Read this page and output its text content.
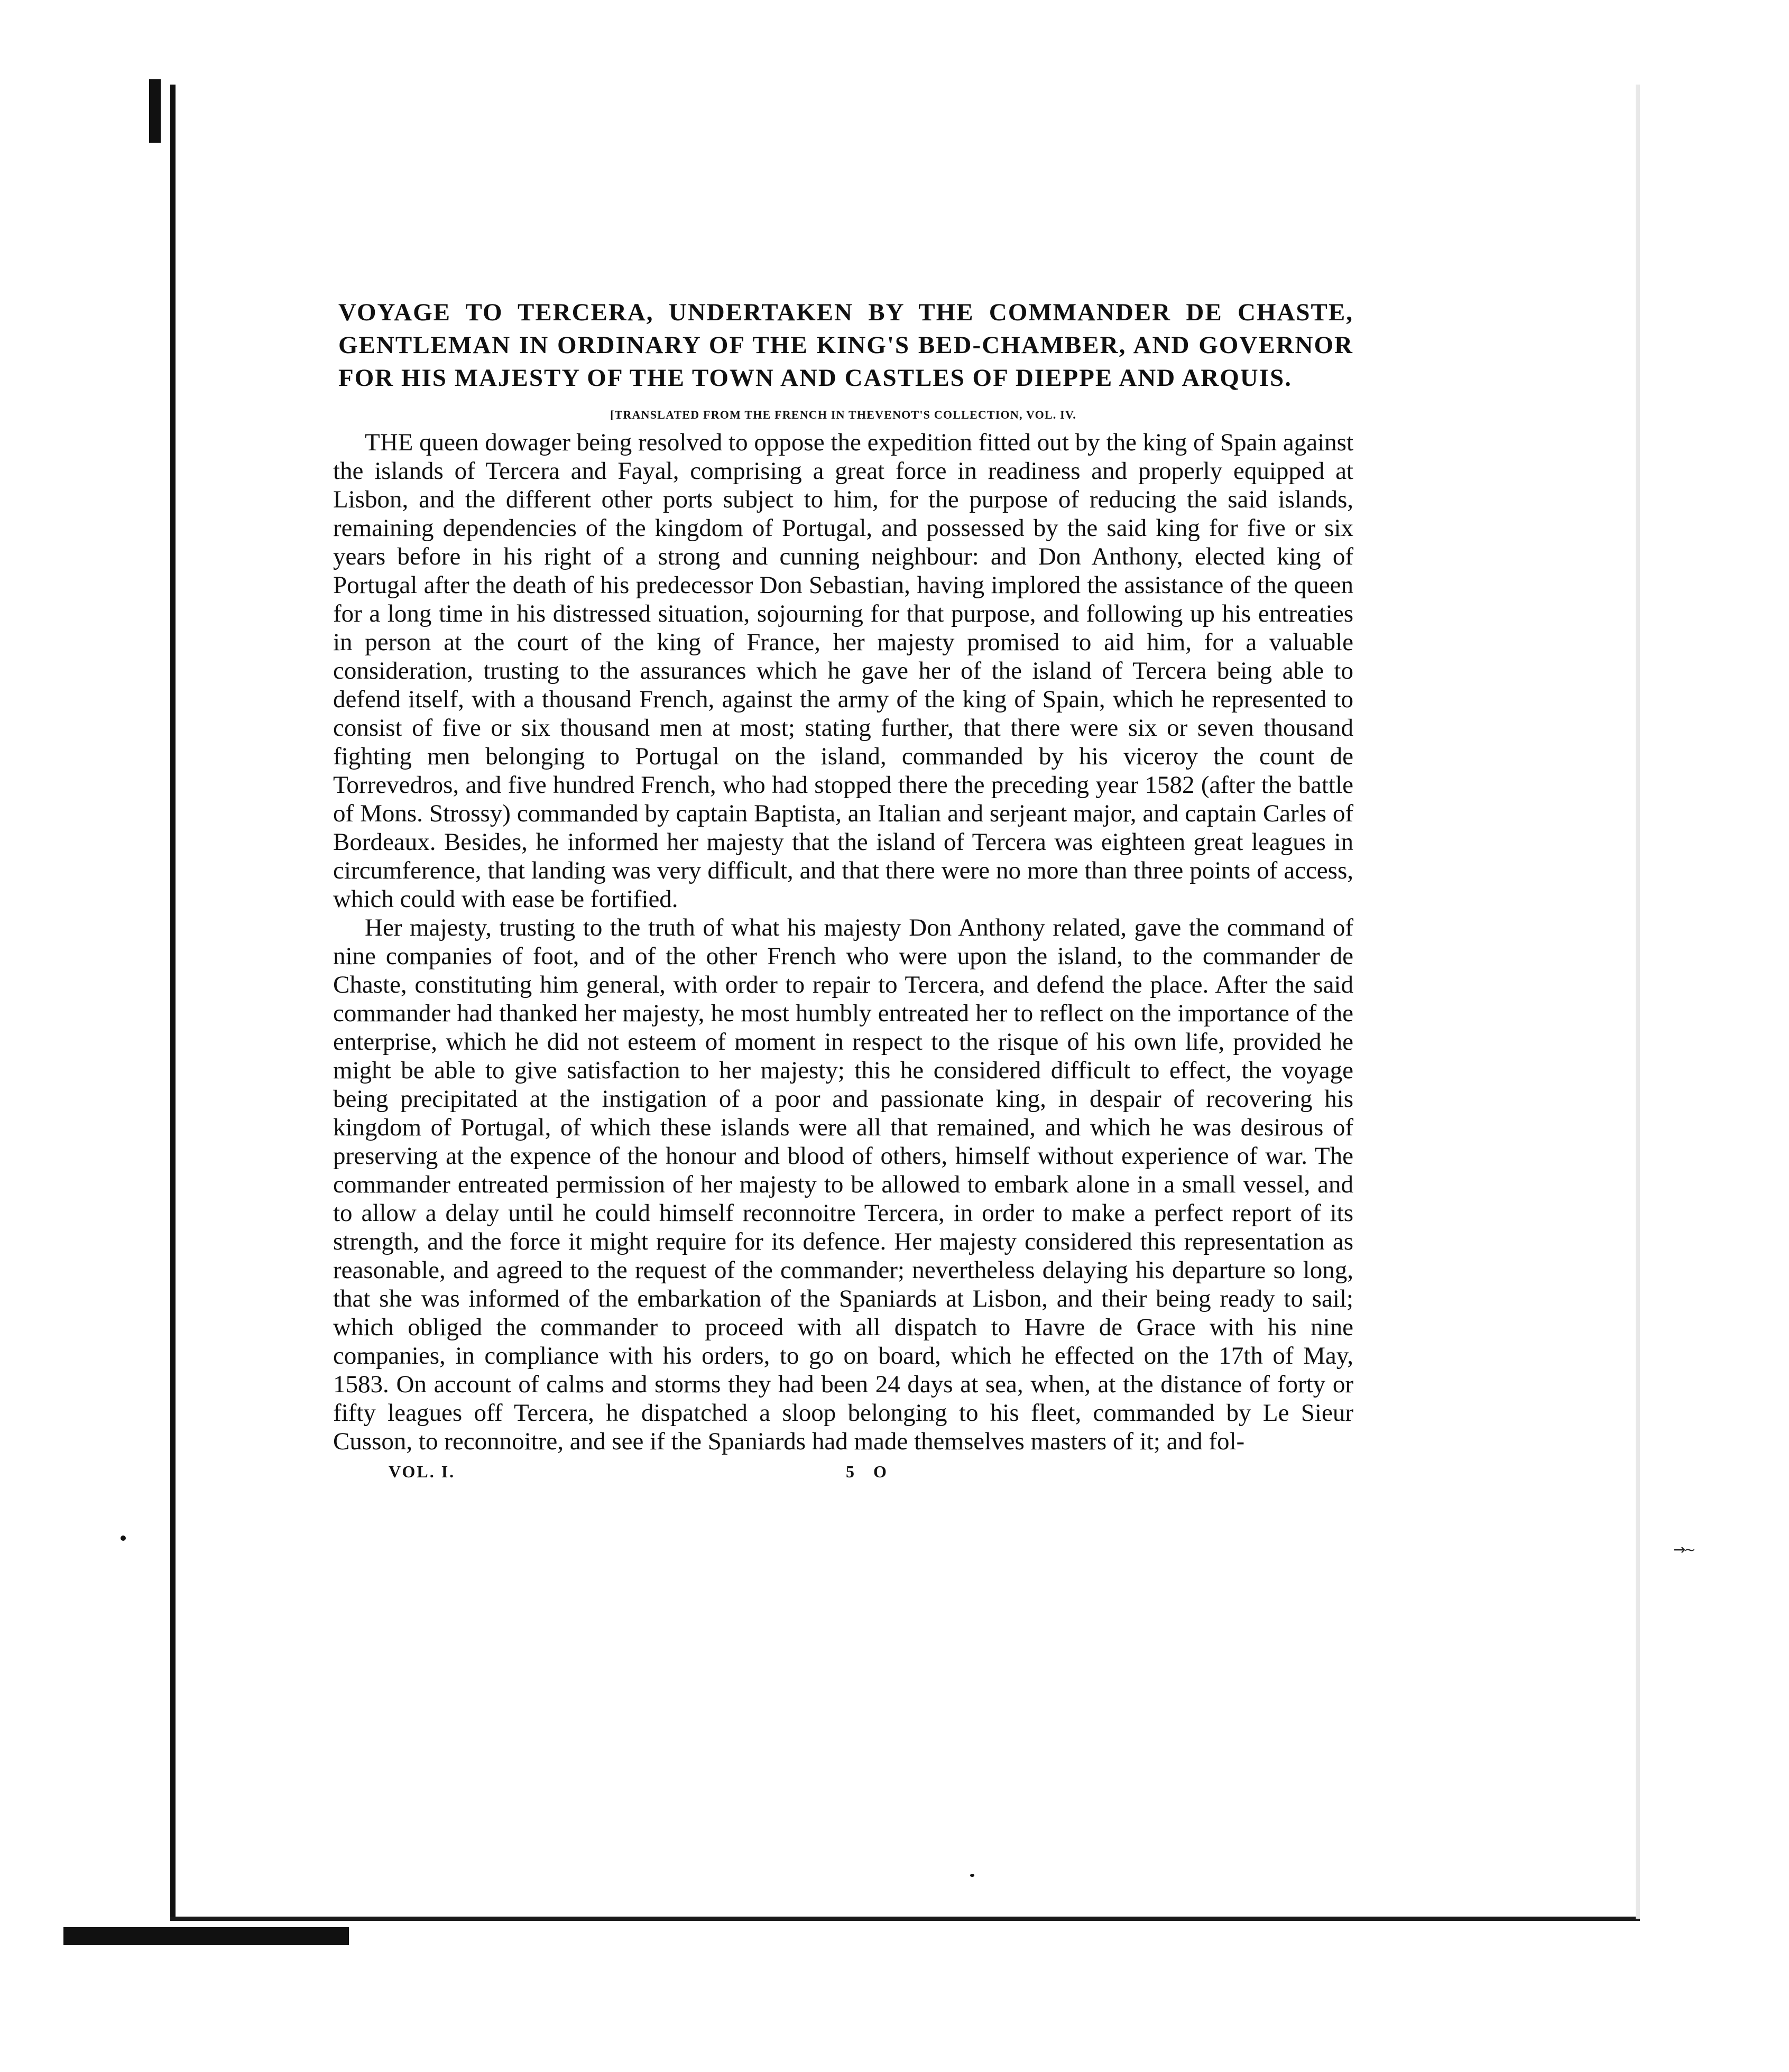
→~
VOYAGE TO TERCERA, UNDERTAKEN BY THE COMMANDER DE CHASTE, GENTLEMAN IN ORDINARY OF THE KING'S BED-CHAMBER, AND GOVERNOR FOR HIS MAJESTY OF THE TOWN AND CASTLES OF DIEPPE AND ARQUIS.
[TRANSLATED FROM THE FRENCH IN THEVENOT'S COLLECTION, VOL. IV.

THE queen dowager being resolved to oppose the expedition fitted out by the king of Spain against the islands of Tercera and Fayal, comprising a great force in readiness and properly equipped at Lisbon, and the different other ports subject to him, for the purpose of reducing the said islands, remaining dependencies of the kingdom of Portugal, and possessed by the said king for five or six years before in his right of a strong and cunning neighbour: and Don Anthony, elected king of Portugal after the death of his predecessor Don Sebastian, having implored the assistance of the queen for a long time in his distressed situation, sojourning for that purpose, and following up his entreaties in person at the court of the king of France, her majesty promised to aid him, for a valuable consideration, trusting to the assurances which he gave her of the island of Tercera being able to defend itself, with a thousand French, against the army of the king of Spain, which he represented to consist of five or six thousand men at most; stating further, that there were six or seven thousand fighting men belonging to Portugal on the island, commanded by his viceroy the count de Torrevedros, and five hundred French, who had stopped there the preceding year 1582 (after the battle of Mons. Strossy) commanded by captain Baptista, an Italian and serjeant major, and captain Carles of Bordeaux. Besides, he informed her majesty that the island of Tercera was eighteen great leagues in circumference, that landing was very difficult, and that there were no more than three points of access, which could with ease be fortified.

Her majesty, trusting to the truth of what his majesty Don Anthony related, gave the command of nine companies of foot, and of the other French who were upon the island, to the commander de Chaste, constituting him general, with order to repair to Tercera, and defend the place. After the said commander had thanked her majesty, he most humbly entreated her to reflect on the importance of the enterprise, which he did not esteem of moment in respect to the risque of his own life, provided he might be able to give satisfaction to her majesty; this he considered difficult to effect, the voyage being precipitated at the instigation of a poor and passionate king, in despair of recovering his kingdom of Portugal, of which these islands were all that remained, and which he was desirous of preserving at the expence of the honour and blood of others, himself without experience of war. The commander entreated permission of her majesty to be allowed to embark alone in a small vessel, and to allow a delay until he could himself reconnoitre Tercera, in order to make a perfect report of its strength, and the force it might require for its defence. Her majesty considered this representation as reasonable, and agreed to the request of the commander; nevertheless delaying his departure so long, that she was informed of the embarkation of the Spaniards at Lisbon, and their being ready to sail; which obliged the commander to proceed with all dispatch to Havre de Grace with his nine companies, in compliance with his orders, to go on board, which he effected on the 17th of May, 1583. On account of calms and storms they had been 24 days at sea, when, at the distance of forty or fifty leagues off Tercera, he dispatched a sloop belonging to his fleet, commanded by Le Sieur Cusson, to reconnoitre, and see if the Spaniards had made themselves masters of it; and fol-

VOL. I.	5 O
